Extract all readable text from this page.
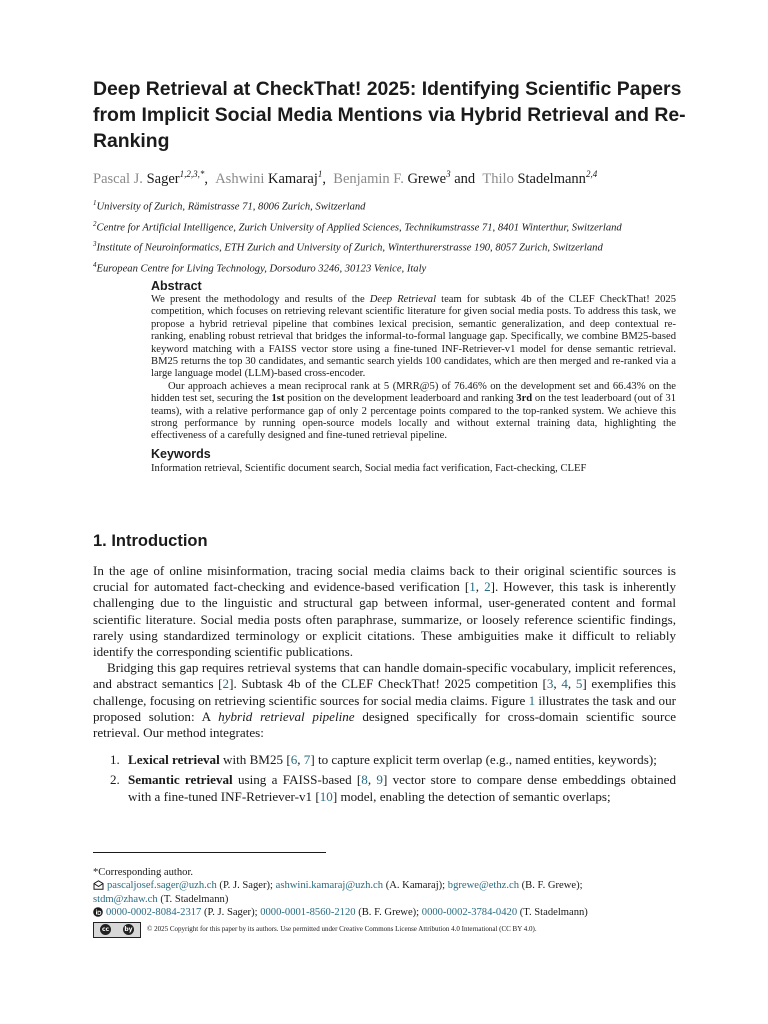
Deep Retrieval at CheckThat! 2025: Identifying Scientific Papers from Implicit Social Media Mentions via Hybrid Retrieval and Re-Ranking
Pascal J. Sager$^{1,2,3,*}$, Ashwini Kamaraj$^1$, Benjamin F. Grewe$^3$ and Thilo Stadelmann$^{2,4}$
$^1$University of Zurich, Rämistrasse 71, 8006 Zurich, Switzerland
$^2$Centre for Artificial Intelligence, Zurich University of Applied Sciences, Technikumstrasse 71, 8401 Winterthur, Switzerland
$^3$Institute of Neuroinformatics, ETH Zurich and University of Zurich, Winterthurerstrasse 190, 8057 Zurich, Switzerland
$^4$European Centre for Living Technology, Dorsoduro 3246, 30123 Venice, Italy
Abstract

We present the methodology and results of the Deep Retrieval team for subtask 4b of the CLEF CheckThat! 2025 competition, which focuses on retrieving relevant scientific literature for given social media posts. To address this task, we propose a hybrid retrieval pipeline that combines lexical precision, semantic generalization, and deep contextual re-ranking, enabling robust retrieval that bridges the informal-to-formal language gap. Specifically, we combine BM25-based keyword matching with a FAISS vector store using a fine-tuned INF-Retriever-v1 model for dense semantic retrieval. BM25 returns the top 30 candidates, and semantic search yields 100 candidates, which are then merged and re-ranked via a large language model (LLM)-based cross-encoder.

Our approach achieves a mean reciprocal rank at 5 (MRR@5) of 76.46% on the development set and 66.43% on the hidden test set, securing the 1st position on the development leaderboard and ranking 3rd on the test leaderboard (out of 31 teams), with a relative performance gap of only 2 percentage points compared to the top-ranked system. We achieve this strong performance by running open-source models locally and without external training data, highlighting the effectiveness of a carefully designed and fine-tuned retrieval pipeline.

Keywords

Information retrieval, Scientific document search, Social media fact verification, Fact-checking, CLEF

1. Introduction

In the age of online misinformation, tracing social media claims back to their original scientific sources is crucial for automated fact-checking and evidence-based verification [1, 2]. However, this task is inherently challenging due to the linguistic and structural gap between informal, user-generated content and formal scientific literature. Social media posts often paraphrase, summarize, or loosely reference scientific findings, rarely using standardized terminology or explicit citations. These ambiguities make it difficult to reliably identify the corresponding scientific publications.

Bridging this gap requires retrieval systems that can handle domain-specific vocabulary, implicit references, and abstract semantics [2]. Subtask 4b of the CLEF CheckThat! 2025 competition [3, 4, 5] exemplifies this challenge, focusing on retrieving scientific sources for social media claims. Figure 1 illustrates the task and our proposed solution: A hybrid retrieval pipeline designed specifically for cross-domain scientific source retrieval. Our method integrates:

1. Lexical retrieval with BM25 [6, 7] to capture explicit term overlap (e.g., named entities, keywords);
2. Semantic retrieval using a FAISS-based [8, 9] vector store to compare dense embeddings obtained with a fine-tuned INF-Retriever-v1 [10] model, enabling the detection of semantic overlaps;
*Corresponding author.
pascaljosef.sager@uzh.ch (P. J. Sager); ashwini.kamaraj@uzh.ch (A. Kamaraj); bgrewe@ethz.ch (B. F. Grewe);
stdm@zhaw.ch (T. Stadelmann)
0000-0002-8084-2317 (P. J. Sager); 0000-0001-8560-2120 (B. F. Grewe); 0000-0002-3784-0420 (T. Stadelmann)
cc	by © 2025 Copyright for this paper by its authors. Use permitted under Creative Commons License Attribution 4.0 International (CC BY 4.0).
